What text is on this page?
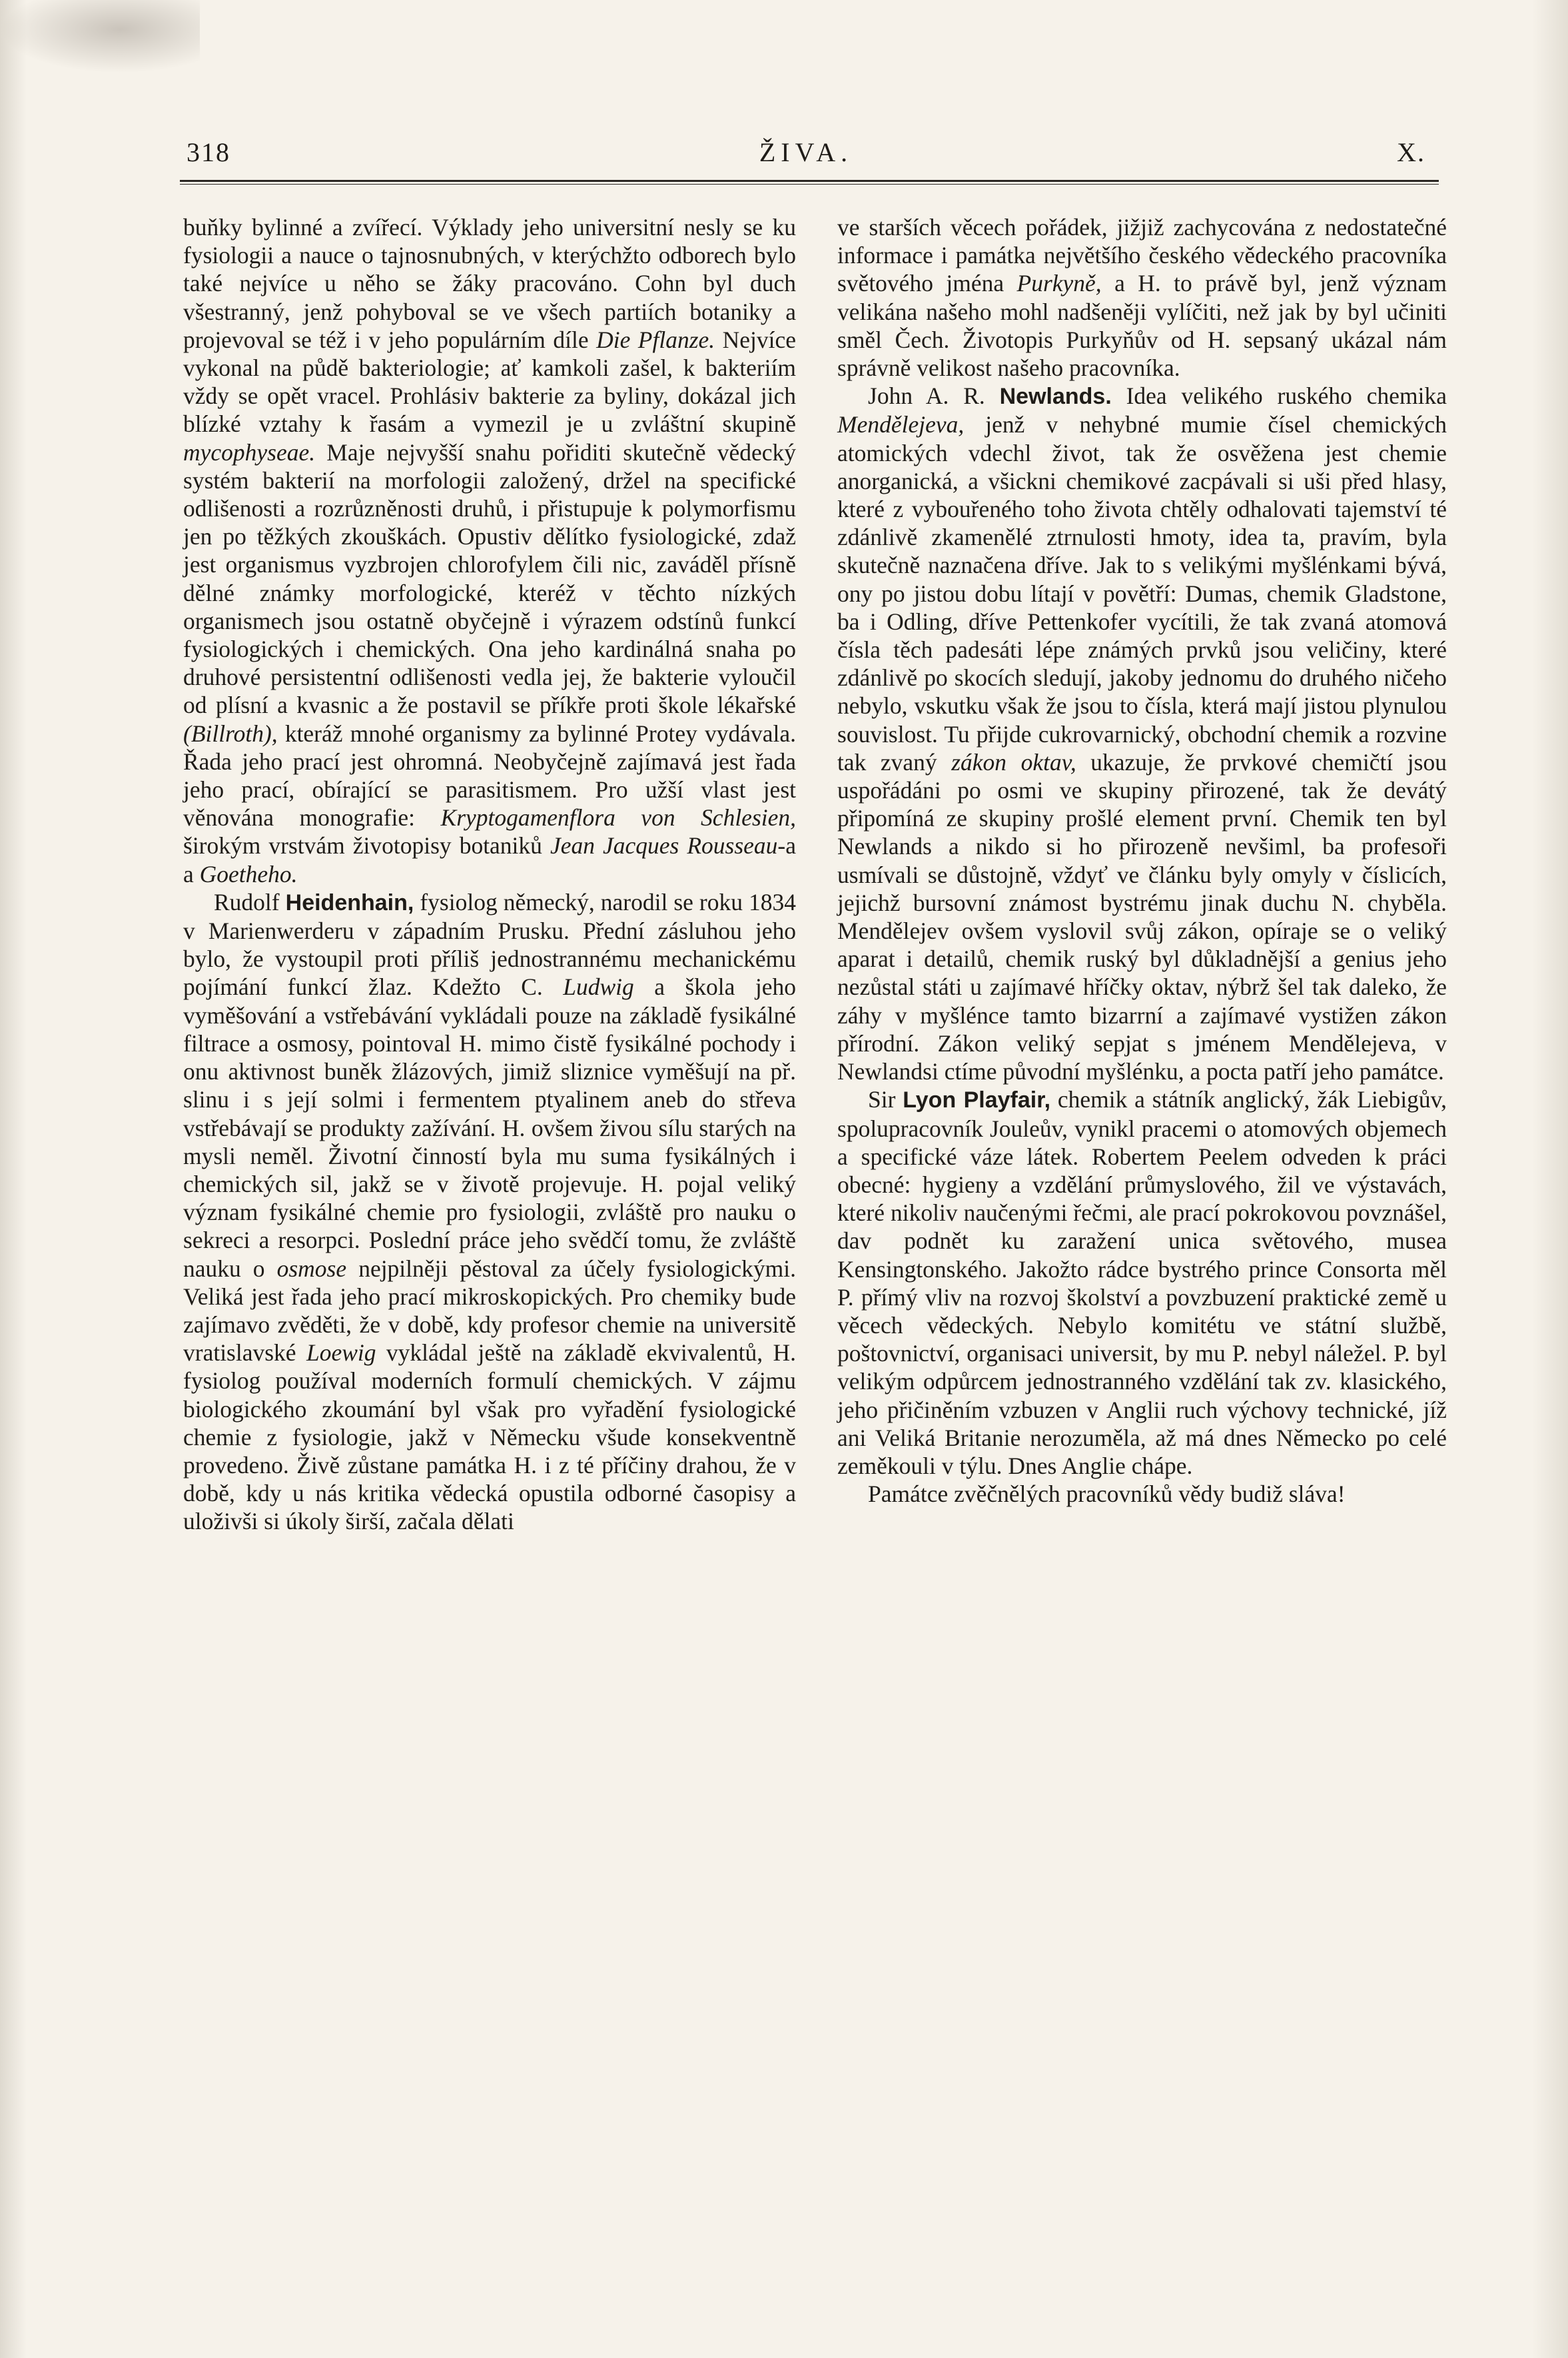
318	ŽIVA.	X.

buňky bylinné a zvířecí. Výklady jeho universitní nesly se ku fysiologii a nauce o tajnosnubných, v kterýchžto odborech bylo také nejvíce u něho se žáky pracováno. Cohn byl duch všestranný, jenž pohyboval se ve všech partiích botaniky a projevoval se též i v jeho populárním díle Die Pflanze. Nejvíce vykonal na půdě bakteriologie; ať kamkoli zašel, k bakteriím vždy se opět vracel. Prohlásiv bakterie za byliny, dokázal jich blízké vztahy k řasám a vymezil je u zvláštní skupině mycophyseae. Maje nejvyšší snahu pořiditi skutečně vědecký systém bakterií na morfologii založený, držel na specifické odlišenosti a rozrůzněnosti druhů, i přistupuje k polymorfismu jen po těžkých zkouškách. Opustiv dělítko fysiologické, zdaž jest organismus vyzbrojen chlorofylem čili nic, zaváděl přísně dělné známky morfologické, kteréž v těchto nízkých organismech jsou ostatně obyčejně i výrazem odstínů funkcí fysiologických i chemických. Ona jeho kardinálná snaha po druhové persistentní odlišenosti vedla jej, že bakterie vyloučil od plísní a kvasnic a že postavil se příkře proti škole lékařské (Billroth), kteráž mnohé organismy za bylinné Protey vydávala. Řada jeho prací jest ohromná. Neobyčejně zajímavá jest řada jeho prací, obírající se parasitismem. Pro užší vlast jest věnována monografie: Kryptogamenflora von Schlesien, širokým vrstvám životopisy botaniků Jean Jacques Rousseau-a a Goetheho.

Rudolf Heidenhain, fysiolog německý, narodil se roku 1834 v Marienwerderu v západním Prusku. Přední zásluhou jeho bylo, že vystoupil proti příliš jednostrannému mechanickému pojímání funkcí žlaz. Kdežto C. Ludwig a škola jeho vyměšování a vstřebávání vykládali pouze na základě fysikálné filtrace a osmosy, pointoval H. mimo čistě fysikálné pochody i onu aktivnost buněk žlázových, jimiž sliznice vyměšují na př. slinu i s její solmi i fermentem ptyalinem aneb do střeva vstřebávají se produkty zažívání. H. ovšem živou sílu starých na mysli neměl. Životní činností byla mu suma fysikálných i chemických sil, jakž se v životě projevuje. H. pojal veliký význam fysikálné chemie pro fysiologii, zvláště pro nauku o sekreci a resorpci. Poslední práce jeho svědčí tomu, že zvláště nauku o osmose nejpilněji pěstoval za účely fysiologickými. Veliká jest řada jeho prací mikroskopických. Pro chemiky bude zajímavo zvěděti, že v době, kdy profesor chemie na universitě vratislavské Loewig vykládal ještě na základě ekvivalentů, H. fysiolog používal moderních formulí chemických. V zájmu biologického zkoumání byl však pro vyřadění fysiologické chemie z fysiologie, jakž v Německu všude konsekventně provedeno. Živě zůstane památka H. i z té příčiny drahou, že v době, kdy u nás kritika vědecká opustila odborné časopisy a uloživši si úkoly širší, začala dělati

ve starších věcech pořádek, jižjiž zachycována z nedostatečné informace i památka největšího českého vědeckého pracovníka světového jména Purkyně, a H. to právě byl, jenž význam velikána našeho mohl nadšeněji vylíčiti, než jak by byl učiniti směl Čech. Životopis Purkyňův od H. sepsaný ukázal nám správně velikost našeho pracovníka.

John A. R. Newlands. Idea velikého ruského chemika Mendělejeva, jenž v nehybné mumie čísel chemických atomických vdechl život, tak že osvěžena jest chemie anorganická, a všickni chemikové zacpávali si uši před hlasy, které z vybouřeného toho života chtěly odhalovati tajemství té zdánlivě zkamenělé ztrnulosti hmoty, idea ta, pravím, byla skutečně naznačena dříve. Jak to s velikými myšlénkami bývá, ony po jistou dobu lítají v povětří: Dumas, chemik Gladstone, ba i Odling, dříve Pettenkofer vycítili, že tak zvaná atomová čísla těch padesáti lépe známých prvků jsou veličiny, které zdánlivě po skocích sledují, jakoby jednomu do druhého ničeho nebylo, vskutku však že jsou to čísla, která mají jistou plynulou souvislost. Tu přijde cukrovarnický, obchodní chemik a rozvine tak zvaný zákon oktav, ukazuje, že prvkové chemičtí jsou uspořádáni po osmi ve skupiny přirozené, tak že devátý připomíná ze skupiny prošlé element první. Chemik ten byl Newlands a nikdo si ho přirozeně nevšiml, ba profesoři usmívali se důstojně, vždyť ve článku byly omyly v číslicích, jejichž bursovní známost bystrému jinak duchu N. chyběla. Mendělejev ovšem vyslovil svůj zákon, opíraje se o veliký aparat i detailů, chemik ruský byl důkladnější a genius jeho nezůstal státi u zajímavé hříčky oktav, nýbrž šel tak daleko, že záhy v myšlénce tamto bizarrní a zajímavé vystižen zákon přírodní. Zákon veliký sepjat s jménem Mendělejeva, v Newlandsi ctíme původní myšlénku, a pocta patří jeho památce.

Sir Lyon Playfair, chemik a státník anglický, žák Liebigův, spolupracovník Jouleův, vynikl pracemi o atomových objemech a specifické váze látek. Robertem Peelem odveden k práci obecné: hygieny a vzdělání průmyslového, žil ve výstavách, které nikoliv naučenými řečmi, ale prací pokrokovou povznášel, dav podnět ku zaražení unica světového, musea Kensingtonského. Jakožto rádce bystrého prince Consorta měl P. přímý vliv na rozvoj školství a povzbuzení praktické země u věcech vědeckých. Nebylo komitétu ve státní službě, poštovnictví, organisaci universit, by mu P. nebyl náležel. P. byl velikým odpůrcem jednostranného vzdělání tak zv. klasického, jeho přičiněním vzbuzen v Anglii ruch výchovy technické, jíž ani Veliká Britanie nerozuměla, až má dnes Německo po celé zeměkouli v týlu. Dnes Anglie chápe.

Památce zvěčnělých pracovníků vědy budiž sláva!
